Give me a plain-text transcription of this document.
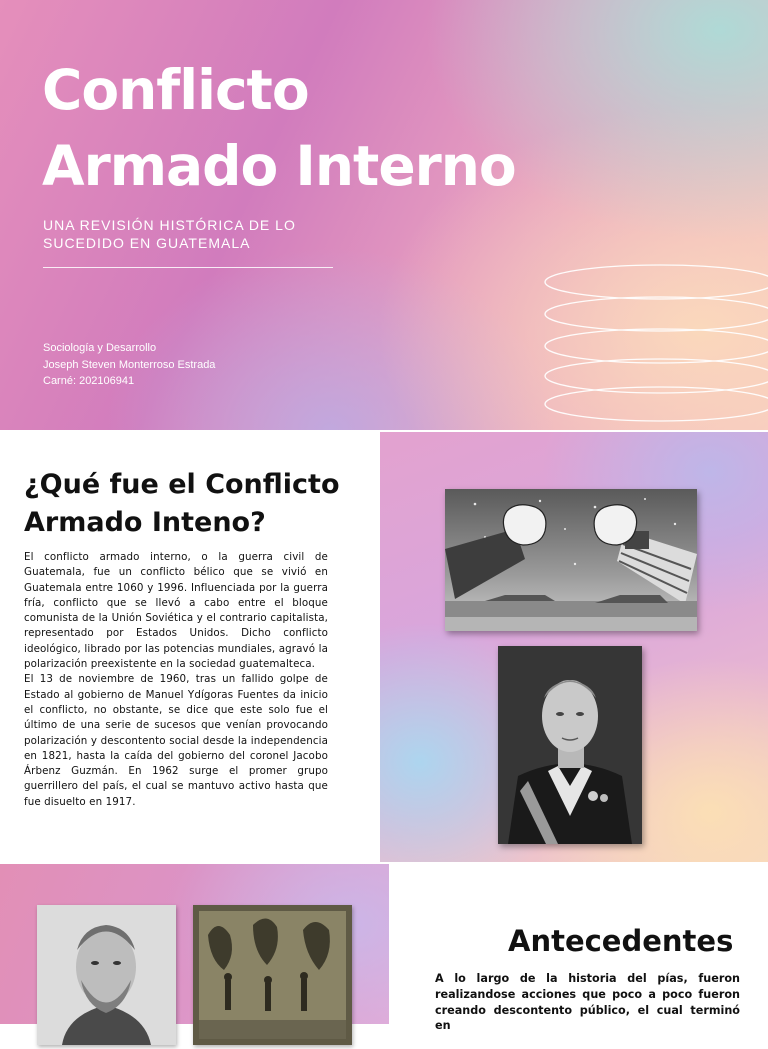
Conflicto
Armado Interno
UNA REVISIÓN HISTÓRICA DE LO
SUCEDIDO EN GUATEMALA
Sociología y Desarrollo
Joseph Steven Monterroso Estrada
Carné: 202106941
¿Qué fue el Conflicto
Armado Inteno?

El conflicto armado interno, o la guerra civil de Guatemala, fue un conflicto bélico que se vivió en Guatemala entre 1060 y 1996. Influenciada por la guerra fría, conflicto que se llevó a cabo entre el bloque comunista de la Unión Soviética y el contrario capitalista, representado por Estados Unidos. Dicho conflicto ideológico, librado por las potencias mundiales, agravó la polarización preexistente en la sociedad guatemalteca.

El 13 de noviembre de 1960, tras un fallido golpe de Estado al gobierno de Manuel Ydígoras Fuentes da inicio el conflicto, no obstante, se dice que este solo fue el último de una serie de sucesos que venían provocando polarización y descontento social desde la independencia en 1821, hasta la caída del gobierno del coronel Jacobo Árbenz Guzmán. En 1962 surge el promer grupo guerrillero del país, el cual se mantuvo activo hasta que fue disuelto en 1917.

Antecedentes
A lo largo de la historia del pías, fueron realizandose acciones que poco a poco fueron creando descontento público, el cual terminó en
